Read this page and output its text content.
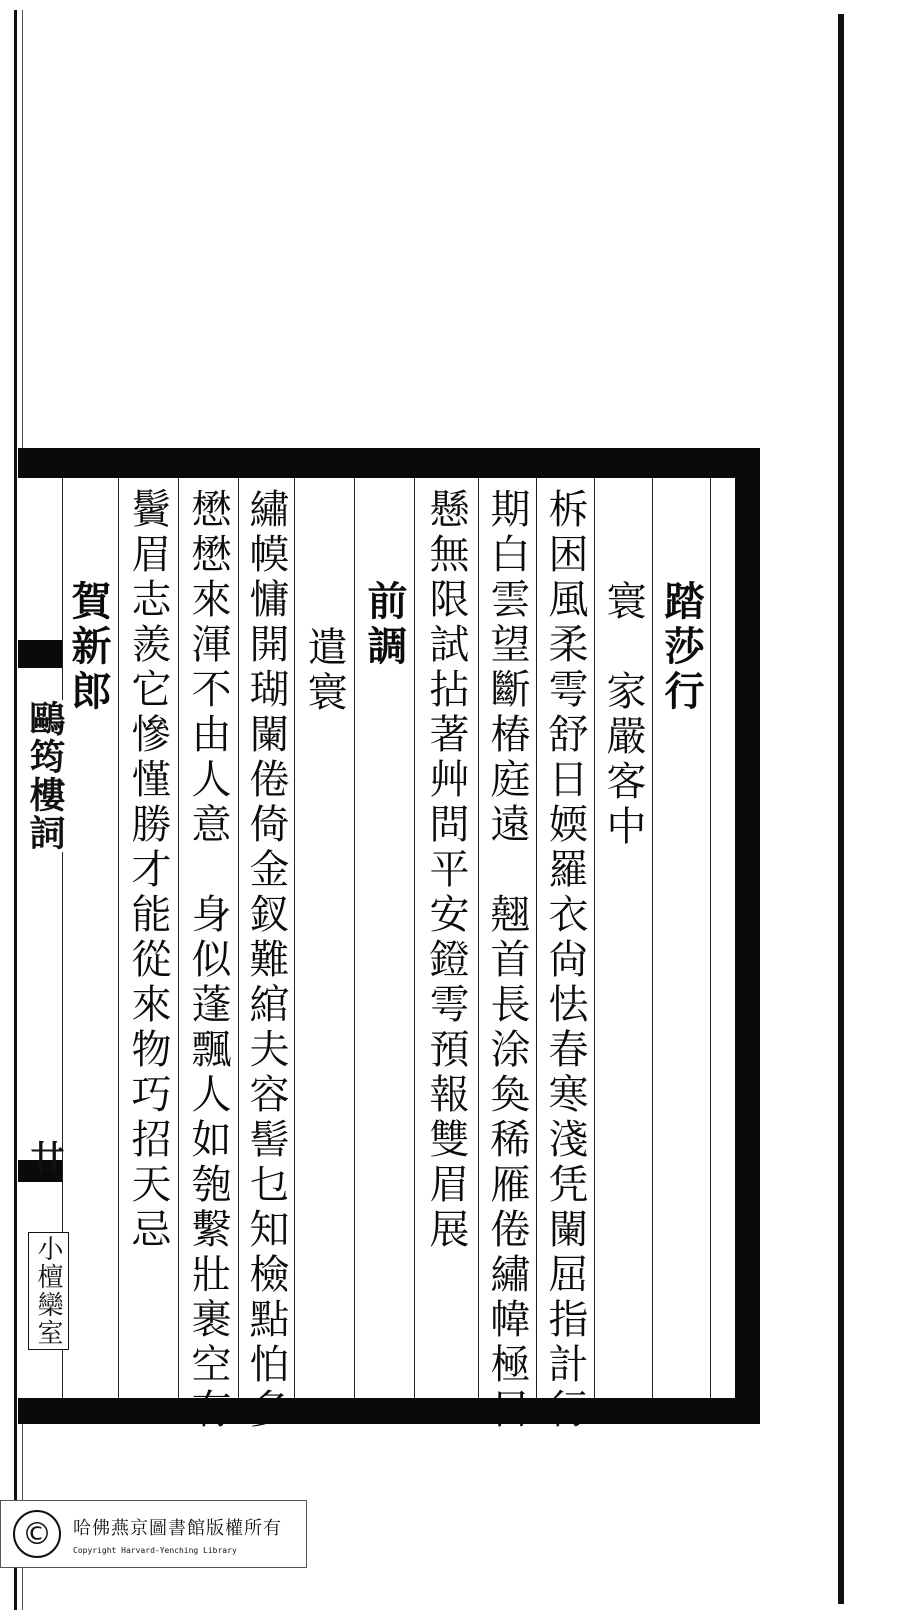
鷗筠樓詞
廿
小檀欒室
踏莎行
寰　家嚴客中
柝困風柔雩舒日媆羅衣尙怯春寒淺凭闌屈指計行
期白雲望斷椿庭遠　翹首長涂奐稀雁倦繡幃極目
懸無限試拈著艸問平安鐙雩預報雙眉展
前調
遣寰
繡幙慵開瑚闌倦倚金釵難綰夫容髻乜知檢點怕多
懋懋來渾不由人意　身似蓬飄人如匏繫壯裹空有
鬢眉志羨它慘慬勝才能從來物巧招天忌
賀新郎
©	哈佛燕京圖書館版權所有
Copyright Harvard-Yenching Library
